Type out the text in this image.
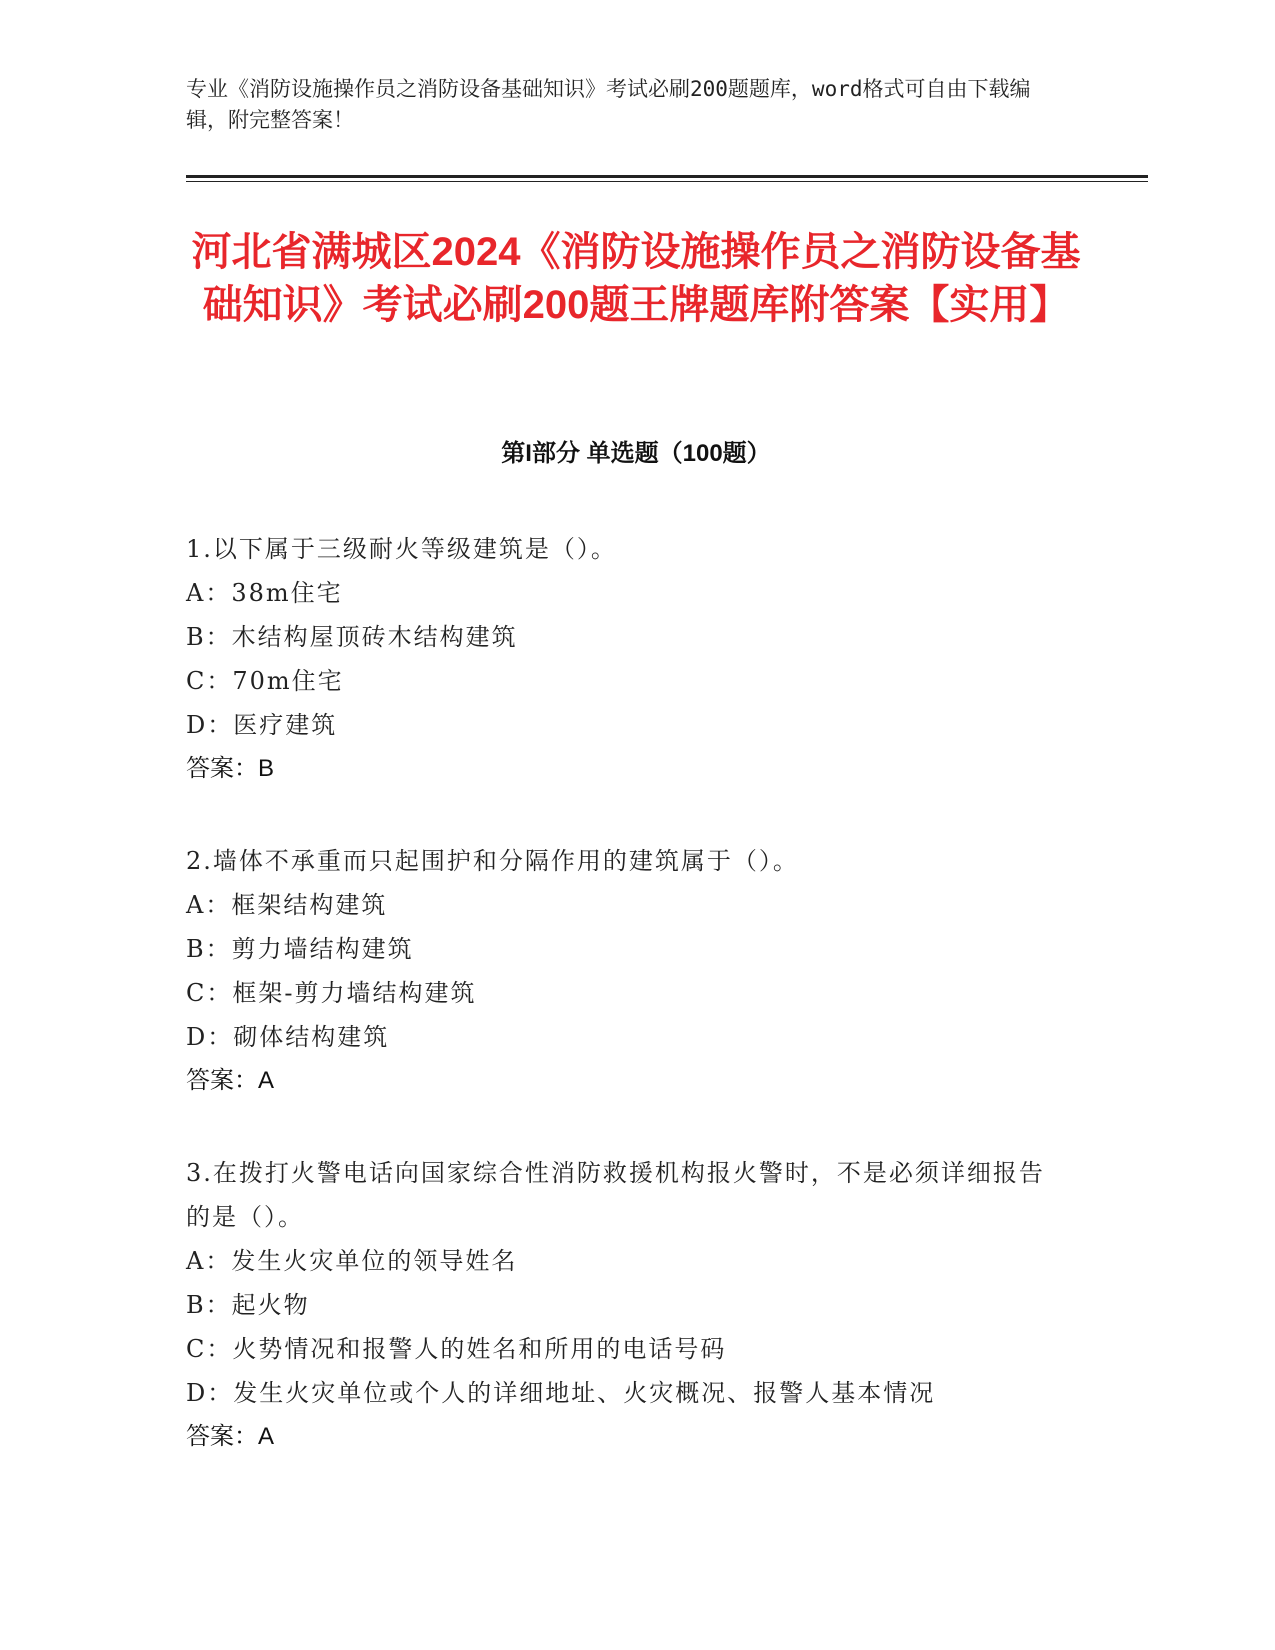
专业《消防设施操作员之消防设备基础知识》考试必刷200题题库，word格式可自由下载编辑，附完整答案！
河北省满城区2024《消防设施操作员之消防设备基础知识》考试必刷200题王牌题库附答案【实用】
第I部分 单选题（100题）
1.以下属于三级耐火等级建筑是（）。
A：38m住宅
B：木结构屋顶砖木结构建筑
C：70m住宅
D：医疗建筑
答案：B
2.墙体不承重而只起围护和分隔作用的建筑属于（）。
A：框架结构建筑
B：剪力墙结构建筑
C：框架-剪力墙结构建筑
D：砌体结构建筑
答案：A
3.在拨打火警电话向国家综合性消防救援机构报火警时，不是必须详细报告的是（）。
A：发生火灾单位的领导姓名
B：起火物
C：火势情况和报警人的姓名和所用的电话号码
D：发生火灾单位或个人的详细地址、火灾概况、报警人基本情况
答案：A
